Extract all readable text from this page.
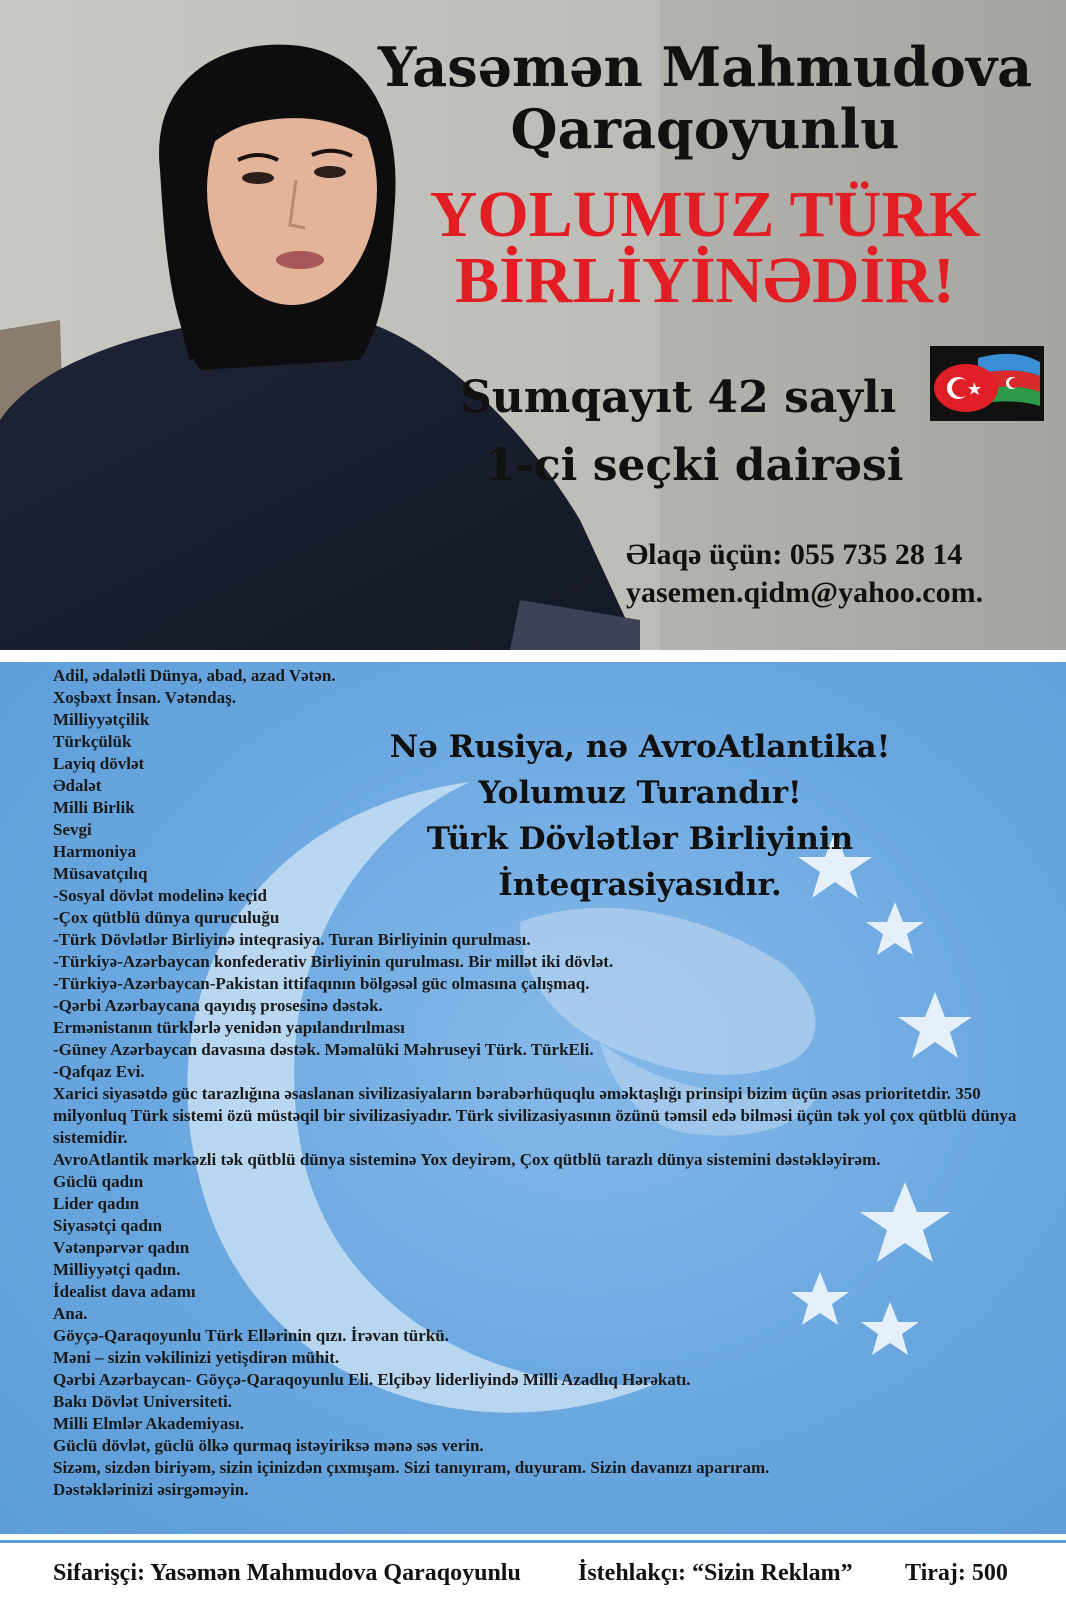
Yasəmən Mahmudova
Qaraqoyunlu
YOLUMUZ TÜRK
BİRLİYİNƏDİR!
Sumqayıt 42 saylı
1-ci seçki dairəsi
Əlaqə üçün: 055 735 28 14
yasemen.qidm@yahoo.com.
Adil, ədalətli Dünya, abad, azad Vətən.
Xoşbəxt İnsan. Vətəndaş.
Milliyyətçilik
Türkçülük
Layiq dövlət
Ədalət
Milli Birlik
Sevgi
Harmoniya
Müsavatçılıq
-Sosyal dövlət modelinə keçid
-Çox qütblü dünya quruculuğu
-Türk Dövlətlər Birliyinə inteqrasiya. Turan Birliyinin qurulması.
-Türkiyə-Azərbaycan konfederativ Birliyinin qurulması. Bir millət iki dövlət.
-Türkiyə-Azərbaycan-Pakistan ittifaqının bölgəsəl güc olmasına çalışmaq.
-Qərbi Azərbaycana qayıdış prosesinə dəstək.
Ermənistanın türklərlə yenidən yapılandırılması
-Güney Azərbaycan davasına dəstək. Məmalüki Məhruseyi Türk. TürkEli.
-Qafqaz Evi.
Xarici siyasətdə güc tarazlığına əsaslanan sivilizasiyaların bərabərhüquqlu əməktaşlığı prinsipi bizim üçün əsas prioritetdir. 350 milyonluq Türk sistemi özü müstəqil bir sivilizasiyadır. Türk sivilizasiyasının özünü təmsil edə bilməsi üçün tək yol çox qütblü dünya sistemidir.
AvroAtlantik mərkəzli tək qütblü dünya sisteminə Yox deyirəm, Çox qütblü tarazlı dünya sistemini dəstəkləyirəm.
Güclü qadın
Lider qadın
Siyasətçi qadın
Vətənpərvər qadın
Milliyyətçi qadın.
İdealist dava adamı
Ana.
Göyçə-Qaraqoyunlu Türk Ellərinin qızı. İrəvan türkü.
Məni – sizin vəkilinizi yetişdirən mühit.
Qərbi Azərbaycan- Göyçə-Qaraqoyunlu Eli. Elçibəy liderliyində Milli Azadlıq Hərəkatı.
Bakı Dövlət Universiteti.
Milli Elmlər Akademiyası.
Güclü dövlət, güclü ölkə qurmaq istəyiriksə mənə səs verin.
Sizəm, sizdən biriyəm, sizin içinizdən çıxmışam. Sizi tanıyıram, duyuram. Sizin davanızı aparıram.
Dəstəklərinizi əsirgəməyin.
Nə Rusiya, nə AvroAtlantika!
Yolumuz Turandır!
Türk Dövlətlər Birliyinin İnteqrasiyasıdır.
Sifarişçi: Yasəmən Mahmudova Qaraqoyunlu İstehlakçı: “Sizin Reklam” Tiraj: 500
